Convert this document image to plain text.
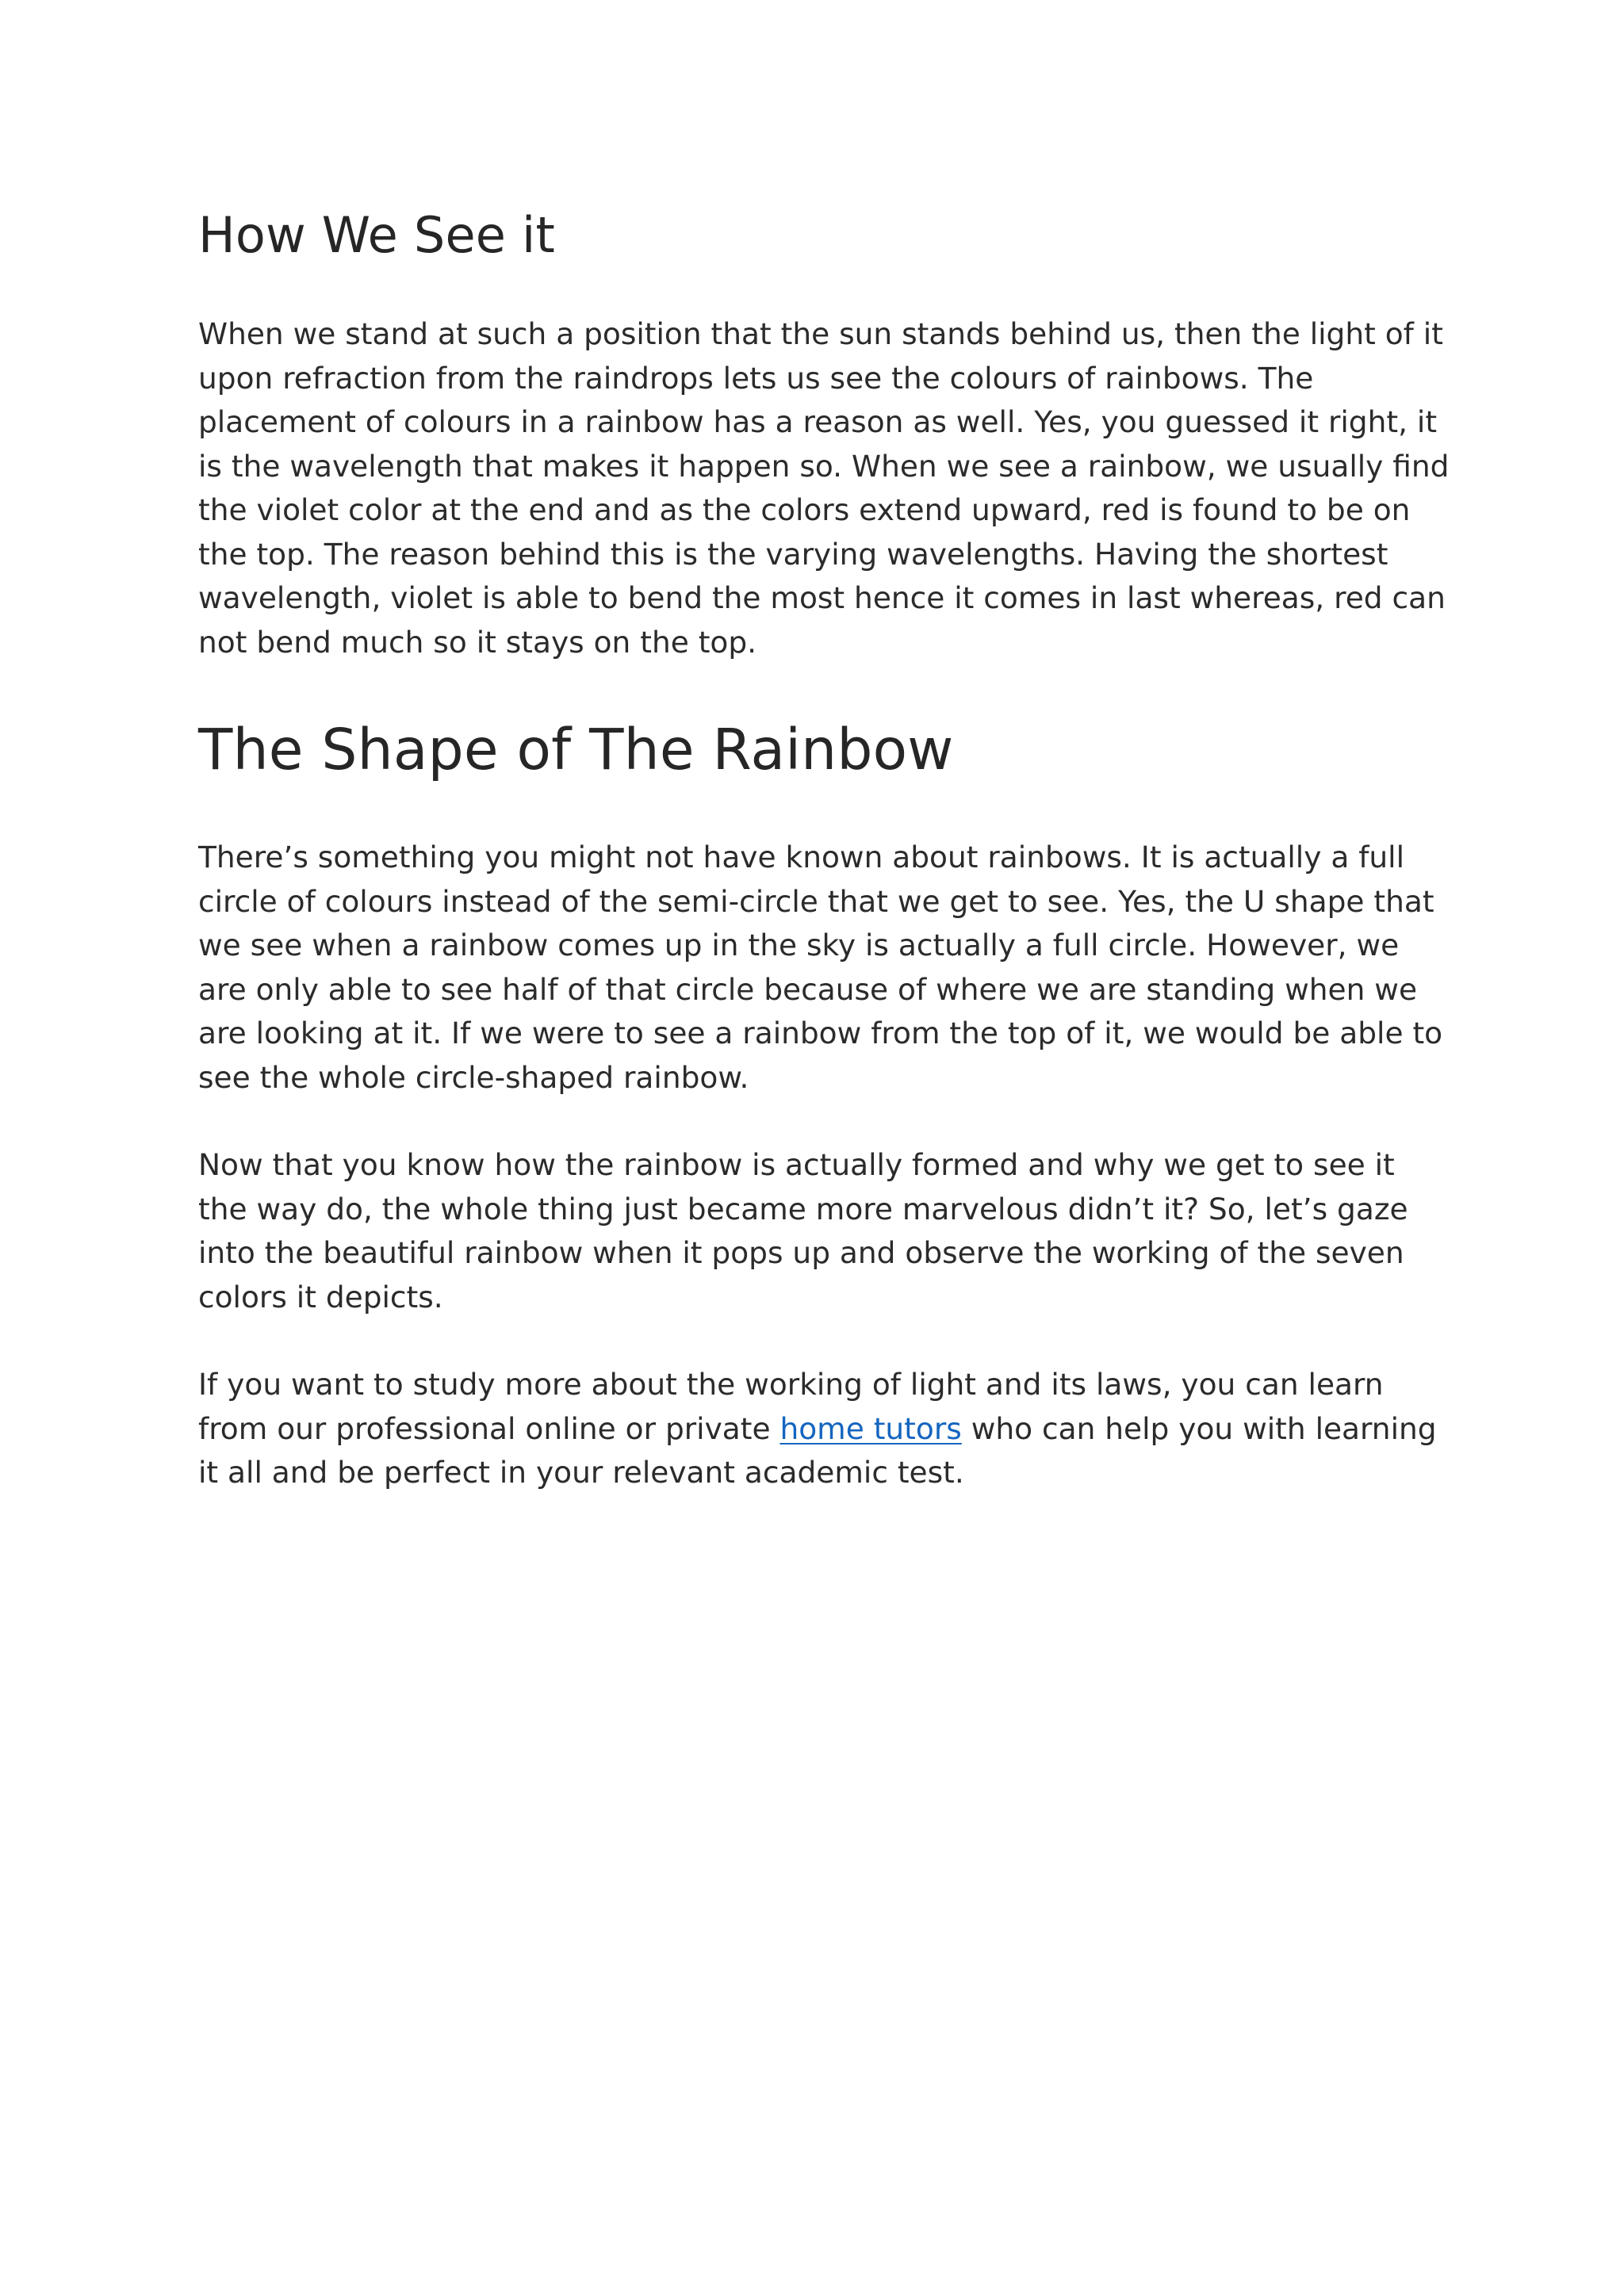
How We See it

When we stand at such a position that the sun stands behind us, then the light of it upon refraction from the raindrops lets us see the colours of rainbows. The placement of colours in a rainbow has a reason as well. Yes, you guessed it right, it is the wavelength that makes it happen so. When we see a rainbow, we usually find the violet color at the end and as the colors extend upward, red is found to be on the top. The reason behind this is the varying wavelengths. Having the shortest wavelength, violet is able to bend the most hence it comes in last whereas, red can not bend much so it stays on the top.

The Shape of The Rainbow

There’s something you might not have known about rainbows. It is actually a full circle of colours instead of the semi-circle that we get to see. Yes, the U shape that we see when a rainbow comes up in the sky is actually a full circle. However, we are only able to see half of that circle because of where we are standing when we are looking at it. If we were to see a rainbow from the top of it, we would be able to see the whole circle-shaped rainbow.

Now that you know how the rainbow is actually formed and why we get to see it the way do, the whole thing just became more marvelous didn’t it? So, let’s gaze into the beautiful rainbow when it pops up and observe the working of the seven colors it depicts.

If you want to study more about the working of light and its laws, you can learn from our professional online or private home tutors who can help you with learning it all and be perfect in your relevant academic test.
